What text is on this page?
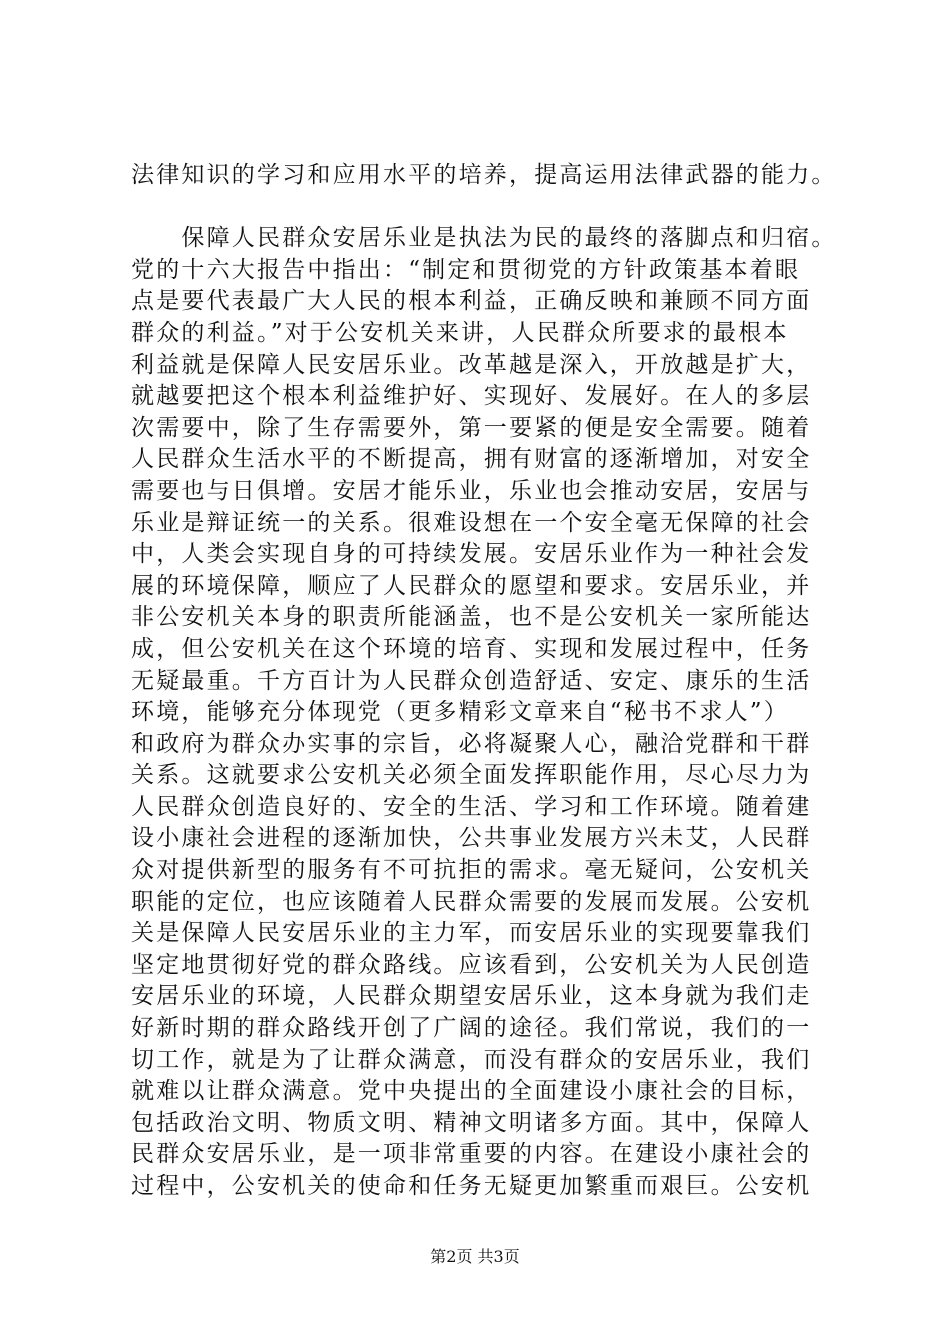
法律知识的学习和应用水平的培养，提高运用法律武器的能力。
　　保障人民群众安居乐业是执法为民的最终的落脚点和归宿。
党的十六大报告中指出：“制定和贯彻党的方针政策基本着眼
点是要代表最广大人民的根本利益，正确反映和兼顾不同方面
群众的利益。”对于公安机关来讲，人民群众所要求的最根本
利益就是保障人民安居乐业。改革越是深入，开放越是扩大，
就越要把这个根本利益维护好、实现好、发展好。在人的多层
次需要中，除了生存需要外，第一要紧的便是安全需要。随着
人民群众生活水平的不断提高，拥有财富的逐渐增加，对安全
需要也与日俱增。安居才能乐业，乐业也会推动安居，安居与
乐业是辩证统一的关系。很难设想在一个安全毫无保障的社会
中，人类会实现自身的可持续发展。安居乐业作为一种社会发
展的环境保障，顺应了人民群众的愿望和要求。安居乐业，并
非公安机关本身的职责所能涵盖，也不是公安机关一家所能达
成，但公安机关在这个环境的培育、实现和发展过程中，任务
无疑最重。千方百计为人民群众创造舒适、安定、康乐的生活
环境，能够充分体现党（更多精彩文章来自“秘书不求人”）
和政府为群众办实事的宗旨，必将凝聚人心，融洽党群和干群
关系。这就要求公安机关必须全面发挥职能作用，尽心尽力为
人民群众创造良好的、安全的生活、学习和工作环境。随着建
设小康社会进程的逐渐加快，公共事业发展方兴未艾，人民群
众对提供新型的服务有不可抗拒的需求。毫无疑问，公安机关
职能的定位，也应该随着人民群众需要的发展而发展。公安机
关是保障人民安居乐业的主力军，而安居乐业的实现要靠我们
坚定地贯彻好党的群众路线。应该看到，公安机关为人民创造
安居乐业的环境，人民群众期望安居乐业，这本身就为我们走
好新时期的群众路线开创了广阔的途径。我们常说，我们的一
切工作，就是为了让群众满意，而没有群众的安居乐业，我们
就难以让群众满意。党中央提出的全面建设小康社会的目标，
包括政治文明、物质文明、精神文明诸多方面。其中，保障人
民群众安居乐业，是一项非常重要的内容。在建设小康社会的
过程中，公安机关的使命和任务无疑更加繁重而艰巨。公安机
第2页 共3页
